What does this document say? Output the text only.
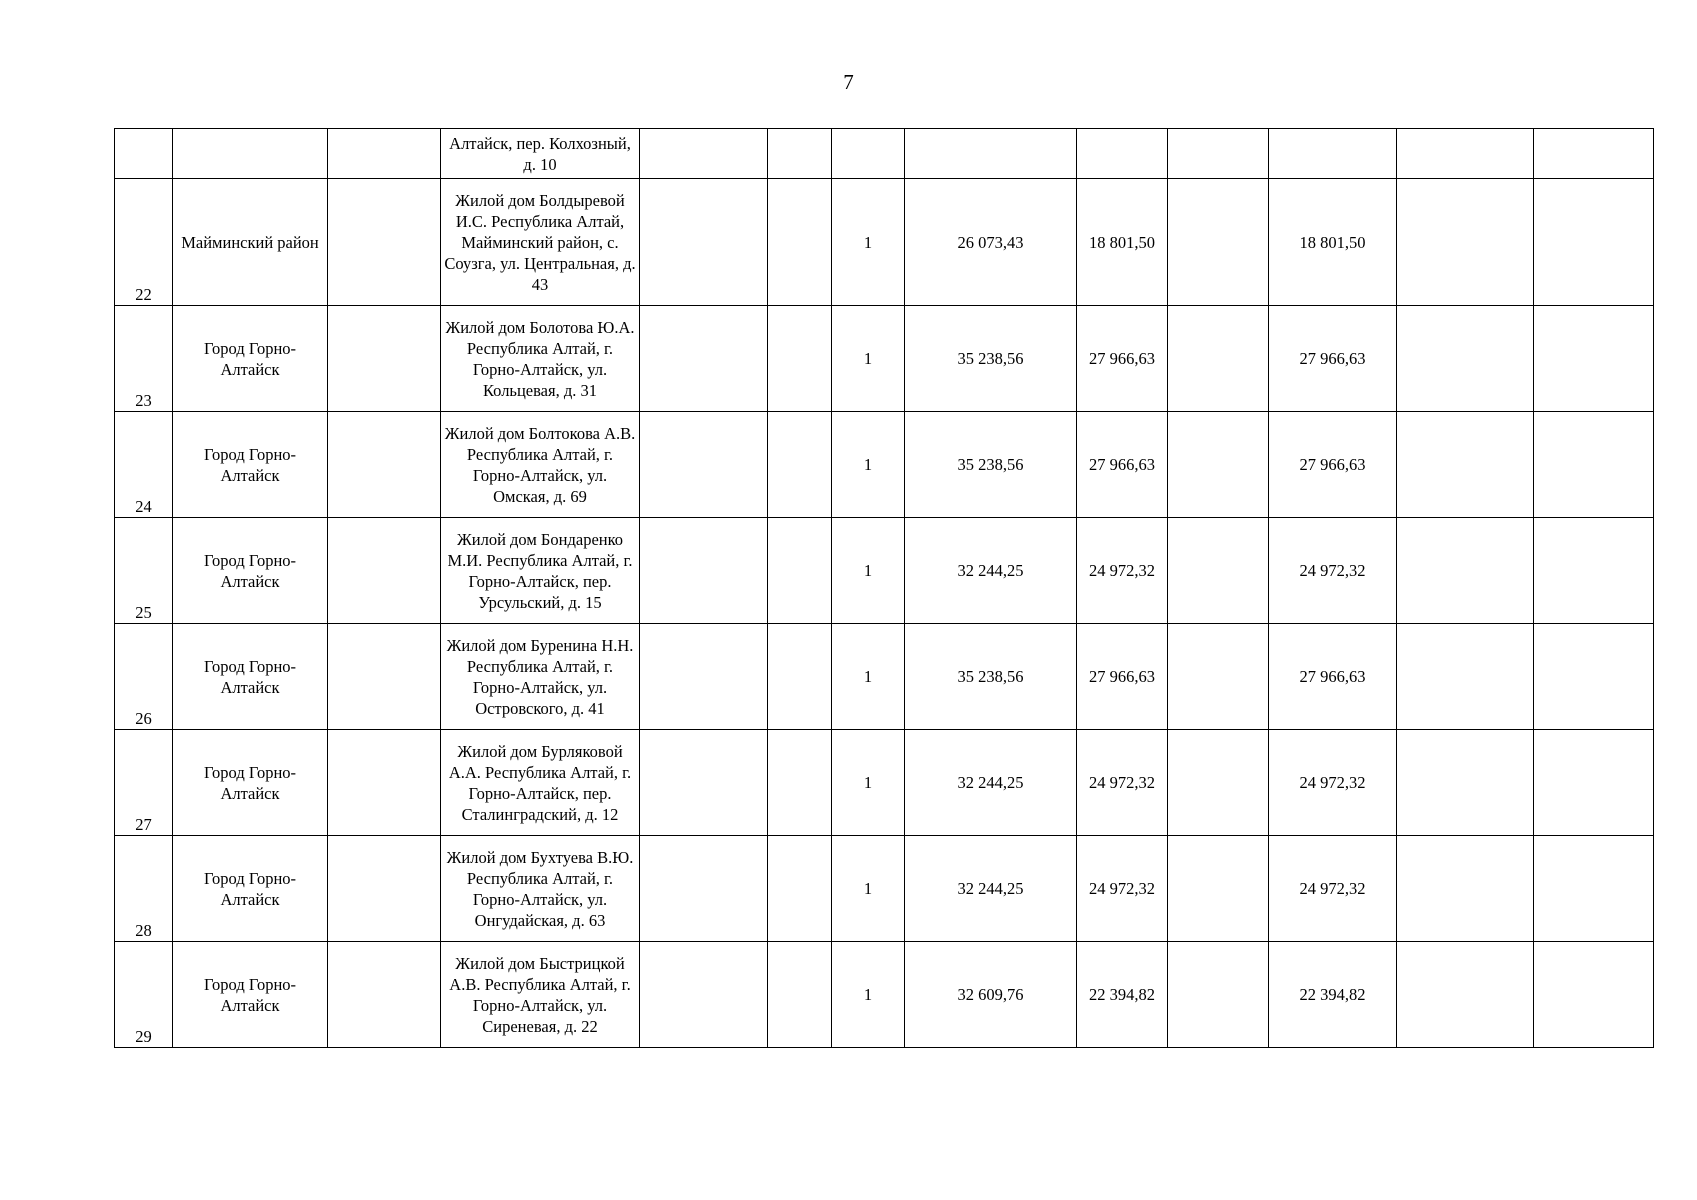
7

			Алтайск, пер. Колхозный, д. 10									

22	Майминский район		Жилой дом Болдыревой И.С. Республика Алтай, Майминский район, с. Соузга, ул. Центральная, д. 43			1	26 073,43	18 801,50		18 801,50		

23	Город Горно-Алтайск		Жилой дом Болотова Ю.А. Республика Алтай, г. Горно-Алтайск, ул. Кольцевая, д. 31			1	35 238,56	27 966,63		27 966,63		

24	Город Горно-Алтайск		Жилой дом Болтокова А.В. Республика Алтай, г. Горно-Алтайск, ул. Омская, д. 69			1	35 238,56	27 966,63		27 966,63		

25	Город Горно-Алтайск		Жилой дом Бондаренко М.И. Республика Алтай, г. Горно-Алтайск, пер. Урсульский, д. 15			1	32 244,25	24 972,32		24 972,32		

26	Город Горно-Алтайск		Жилой дом Буренина Н.Н. Республика Алтай, г. Горно-Алтайск, ул. Островского, д. 41			1	35 238,56	27 966,63		27 966,63		

27	Город Горно-Алтайск		Жилой дом Бурляковой А.А. Республика Алтай, г. Горно-Алтайск, пер. Сталинградский, д. 12			1	32 244,25	24 972,32		24 972,32		

28	Город Горно-Алтайск		Жилой дом Бухтуева В.Ю. Республика Алтай, г. Горно-Алтайск, ул. Онгудайская, д. 63			1	32 244,25	24 972,32		24 972,32		

29	Город Горно-Алтайск		Жилой дом Быстрицкой А.В. Республика Алтай, г. Горно-Алтайск, ул. Сиреневая, д. 22			1	32 609,76	22 394,82		22 394,82		
